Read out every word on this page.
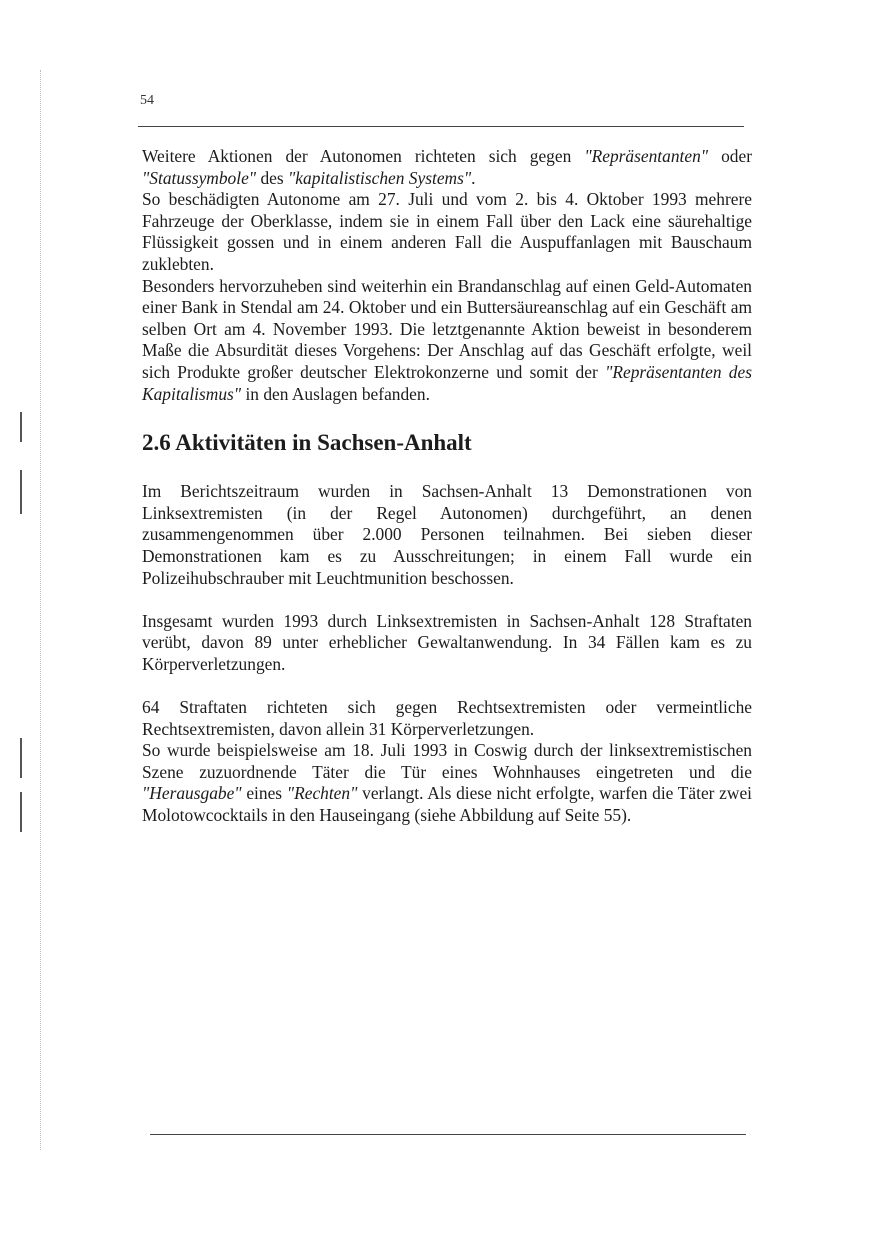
54

Weitere Aktionen der Autonomen richteten sich gegen "Repräsentanten" oder "Statussymbole" des "kapitalistischen Systems".

So beschädigten Autonome am 27. Juli und vom 2. bis 4. Oktober 1993 mehrere Fahrzeuge der Oberklasse, indem sie in einem Fall über den Lack eine säurehaltige Flüssigkeit gossen und in einem anderen Fall die Auspuffanlagen mit Bauschaum zuklebten.

Besonders hervorzuheben sind weiterhin ein Brandanschlag auf einen Geld-Automaten einer Bank in Stendal am 24. Oktober und ein Buttersäureanschlag auf ein Geschäft am selben Ort am 4. November 1993. Die letztgenannte Aktion beweist in besonderem Maße die Absurdität dieses Vorgehens: Der Anschlag auf das Geschäft erfolgte, weil sich Produkte großer deutscher Elektrokonzerne und somit der "Repräsentanten des Kapitalismus" in den Auslagen befanden.

2.6 Aktivitäten in Sachsen-Anhalt

Im Berichtszeitraum wurden in Sachsen-Anhalt 13 Demonstrationen von Linksextremisten (in der Regel Autonomen) durchgeführt, an denen zusammengenommen über 2.000 Personen teilnahmen. Bei sieben dieser Demonstrationen kam es zu Ausschreitungen; in einem Fall wurde ein Polizeihubschrauber mit Leuchtmunition beschossen.

Insgesamt wurden 1993 durch Linksextremisten in Sachsen-Anhalt 128 Straftaten verübt, davon 89 unter erheblicher Gewaltanwendung. In 34 Fällen kam es zu Körperverletzungen.

64 Straftaten richteten sich gegen Rechtsextremisten oder vermeintliche Rechtsextremisten, davon allein 31 Körperverletzungen.

So wurde beispielsweise am 18. Juli 1993 in Coswig durch der linksextremistischen Szene zuzuordnende Täter die Tür eines Wohnhauses eingetreten und die "Herausgabe" eines "Rechten" verlangt. Als diese nicht erfolgte, warfen die Täter zwei Molotowcocktails in den Hauseingang (siehe Abbildung auf Seite 55).
